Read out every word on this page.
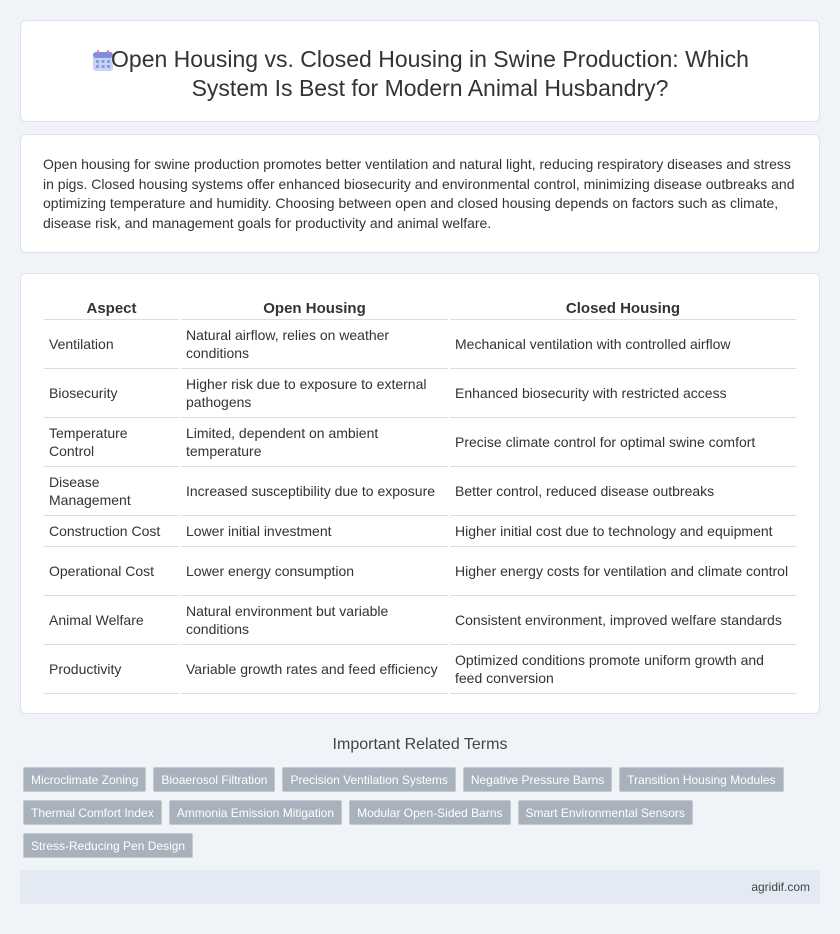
Open Housing vs. Closed Housing in Swine Production: Which System Is Best for Modern Animal Husbandry?

Open housing for swine production promotes better ventilation and natural light, reducing respiratory diseases and stress in pigs. Closed housing systems offer enhanced biosecurity and environmental control, minimizing disease outbreaks and optimizing temperature and humidity. Choosing between open and closed housing depends on factors such as climate, disease risk, and management goals for productivity and animal welfare.

Aspect	Open Housing	Closed Housing
Ventilation	Natural airflow, relies on weather conditions	Mechanical ventilation with controlled airflow
Biosecurity	Higher risk due to exposure to external pathogens	Enhanced biosecurity with restricted access
Temperature Control	Limited, dependent on ambient temperature	Precise climate control for optimal swine comfort
Disease Management	Increased susceptibility due to exposure	Better control, reduced disease outbreaks
Construction Cost	Lower initial investment	Higher initial cost due to technology and equipment
Operational Cost	Lower energy consumption	Higher energy costs for ventilation and climate control
Animal Welfare	Natural environment but variable conditions	Consistent environment, improved welfare standards
Productivity	Variable growth rates and feed efficiency	Optimized conditions promote uniform growth and feed conversion
Important Related Terms
Microclimate Zoning	Bioaerosol Filtration	Precision Ventilation Systems	Negative Pressure Barns	Transition Housing Modules
Thermal Comfort Index	Ammonia Emission Mitigation	Modular Open-Sided Barns	Smart Environmental Sensors
Stress-Reducing Pen Design
agridif.com
